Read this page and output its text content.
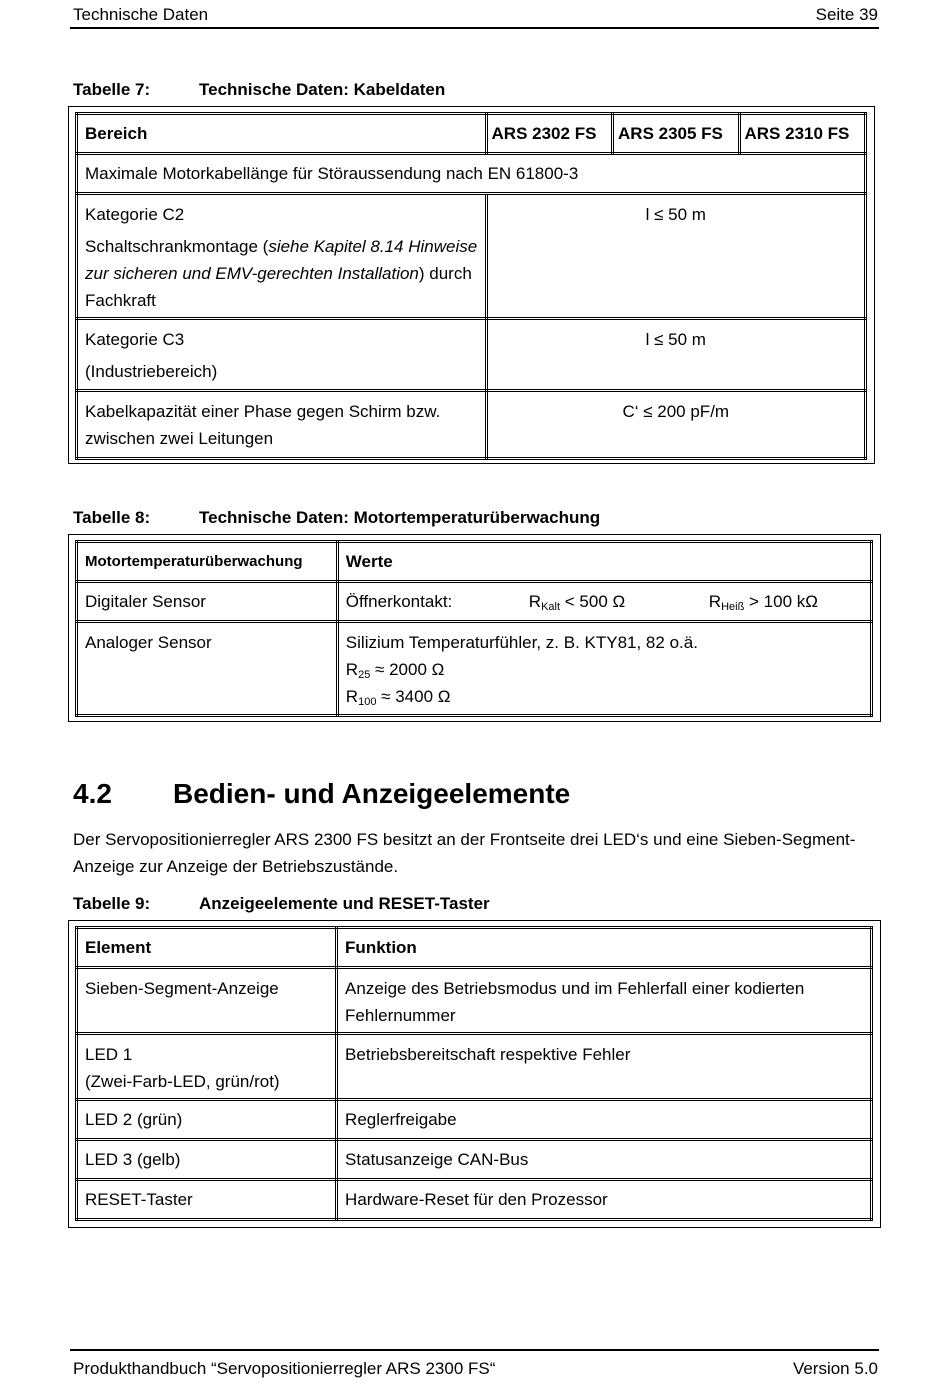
Technische Daten	Seite 39
Tabelle 7:	Technische Daten: Kabeldaten
Bereich	ARS 2302 FS	ARS 2305 FS	ARS 2310 FS
Maximale Motorkabellänge für Störaussendung nach EN 61800-3			

Kategorie C2
Schaltschrankmontage (siehe Kapitel 8.14 Hinweise zur sicheren und EMV-gerechten Installation) durch Fachkraft	l ≤ 50 m		

Kategorie C3
(Industriebereich)	l ≤ 50 m		
Kabelkapazität einer Phase gegen Schirm bzw. zwischen zwei Leitungen	C‘ ≤ 200 pF/m		
Tabelle 8:	Technische Daten: Motortemperaturüberwachung
Motortemperaturüberwachung	Werte
Digitaler Sensor	Öffnerkontakt: $R_{Kalt} < 500$ Ω $R_{Heiß} > 100$ kΩ

Analoger Sensor	Silizium Temperaturfühler, z. B. KTY81, 82 o.ä.
$R_{25} \approx 2000$ Ω
$R_{100} \approx 3400$ Ω
4.2 Bedien- und Anzeigeelemente
Der Servopositionierregler ARS 2300 FS besitzt an der Frontseite drei LED‘s und eine Sieben-Segment-Anzeige zur Anzeige der Betriebszustände.
Tabelle 9:	Anzeigeelemente und RESET-Taster
Element	Funktion

Sieben-Segment-Anzeige	Anzeige des Betriebsmodus und im Fehlerfall einer kodierten Fehlernummer

LED 1
(Zwei-Farb-LED, grün/rot)	Betriebsbereitschaft respektive Fehler
LED 2 (grün)	Reglerfreigabe
LED 3 (gelb)	Statusanzeige CAN-Bus
RESET-Taster	Hardware-Reset für den Prozessor
Produkthandbuch “Servopositionierregler ARS 2300 FS“	Version 5.0
